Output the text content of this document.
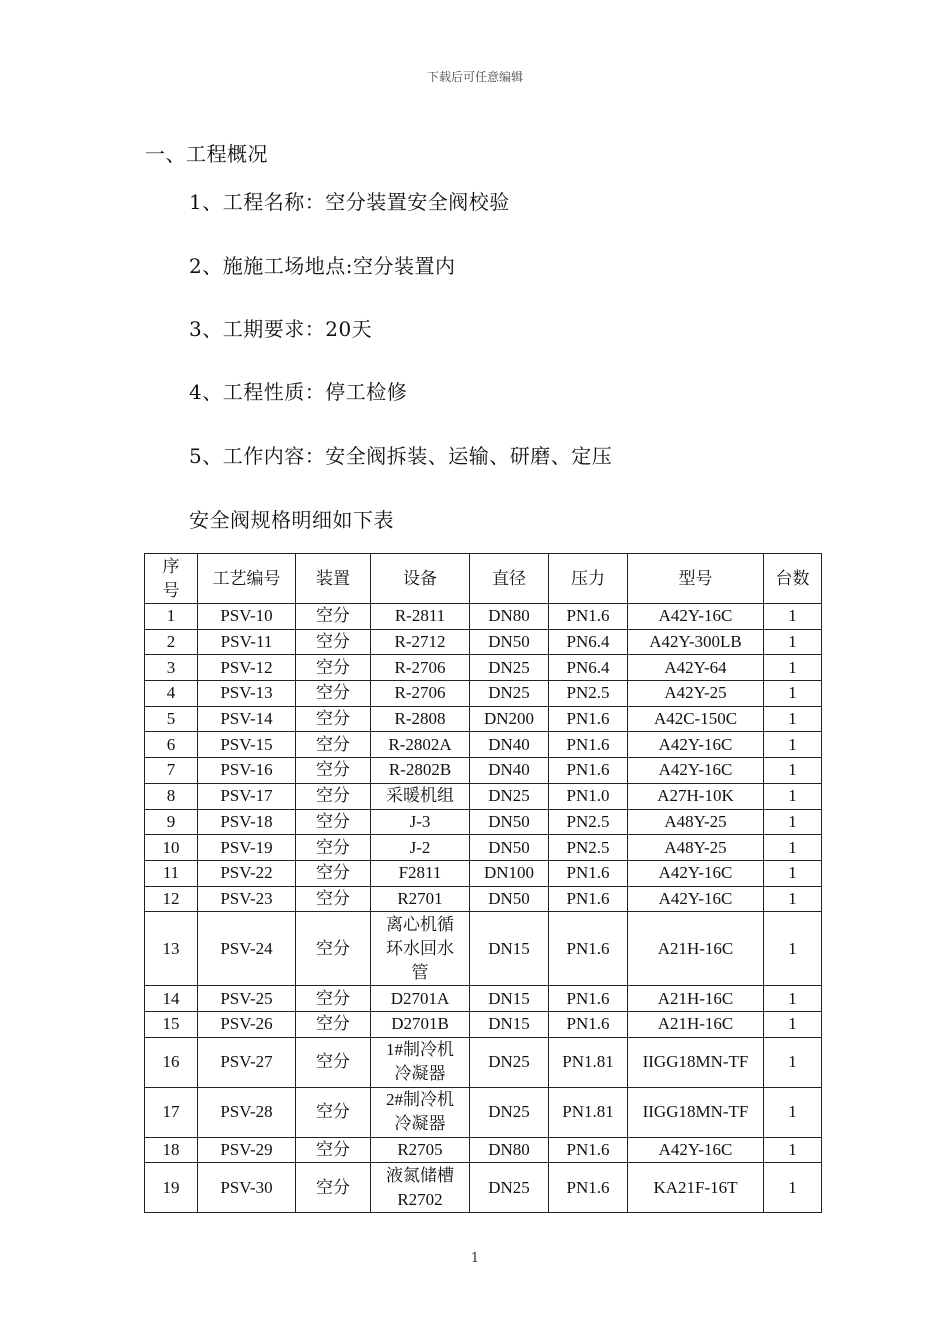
下载后可任意编辑
一、工程概况
1、工程名称：空分装置安全阀校验
2、施施工场地点:空分装置内
3、工期要求：20天
4、工程性质：停工检修
5、工作内容：安全阀拆装、运输、研磨、定压
安全阀规格明细如下表
序号	工艺编号	装置	设备	直径	压力	型号	台数
1	PSV-10	空分	R-2811	DN80	PN1.6	A42Y-16C	1
2	PSV-11	空分	R-2712	DN50	PN6.4	A42Y-300LB	1
3	PSV-12	空分	R-2706	DN25	PN6.4	A42Y-64	1
4	PSV-13	空分	R-2706	DN25	PN2.5	A42Y-25	1
5	PSV-14	空分	R-2808	DN200	PN1.6	A42C-150C	1
6	PSV-15	空分	R-2802A	DN40	PN1.6	A42Y-16C	1
7	PSV-16	空分	R-2802B	DN40	PN1.6	A42Y-16C	1
8	PSV-17	空分	采暖机组	DN25	PN1.0	A27H-10K	1
9	PSV-18	空分	J-3	DN50	PN2.5	A48Y-25	1
10	PSV-19	空分	J-2	DN50	PN2.5	A48Y-25	1
11	PSV-22	空分	F2811	DN100	PN1.6	A42Y-16C	1
12	PSV-23	空分	R2701	DN50	PN1.6	A42Y-16C	1
13	PSV-24	空分	离心机循环水回水管	DN15	PN1.6	A21H-16C	1
14	PSV-25	空分	D2701A	DN15	PN1.6	A21H-16C	1
15	PSV-26	空分	D2701B	DN15	PN1.6	A21H-16C	1
16	PSV-27	空分	1#制冷机冷凝器	DN25	PN1.81	IIGG18MN-TF	1
17	PSV-28	空分	2#制冷机冷凝器	DN25	PN1.81	IIGG18MN-TF	1
18	PSV-29	空分	R2705	DN80	PN1.6	A42Y-16C	1
19	PSV-30	空分	液氮储槽R2702	DN25	PN1.6	KA21F-16T	1
1
